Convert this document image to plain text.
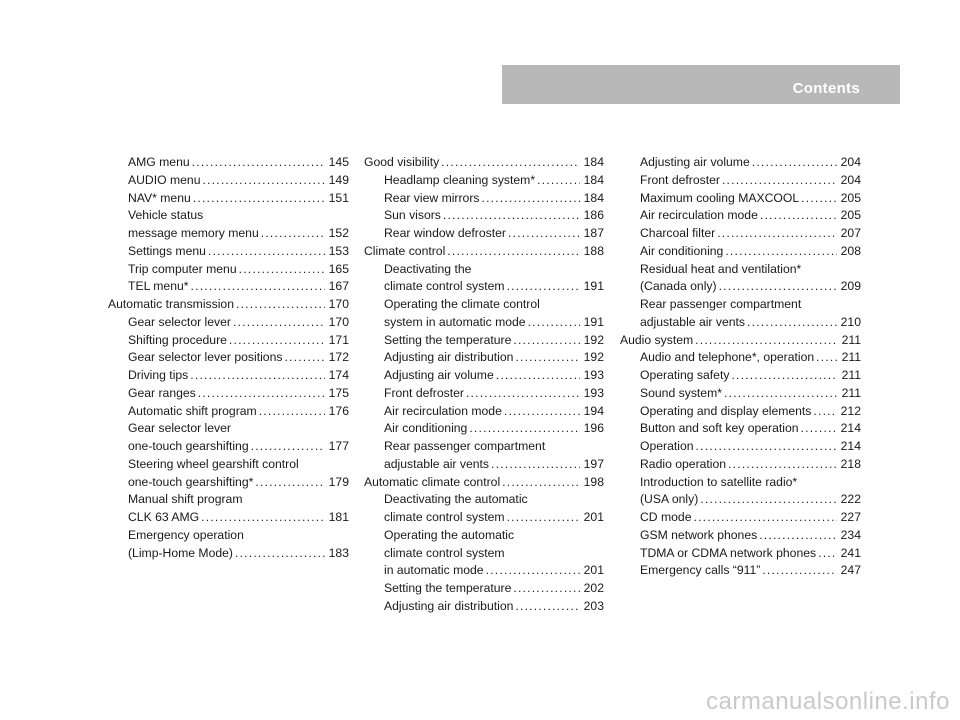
Contents
AMG menu .....	145
AUDIO menu .....	149
NAV* menu .....	151
Vehicle status
message memory menu .....	152
Settings menu .....	153
Trip computer menu .....	165
TEL menu* .....	167
Automatic transmission .....	170
Gear selector lever .....	170
Shifting procedure .....	171
Gear selector lever positions .....	172
Driving tips .....	174
Gear ranges .....	175
Automatic shift program .....	176
Gear selector lever
one-touch gearshifting .....	177
Steering wheel gearshift control
one-touch gearshifting* .....	179
Manual shift program
CLK 63 AMG .....	181
Emergency operation
(Limp-Home Mode) .....	183
Good visibility .....	184
Headlamp cleaning system* .....	184
Rear view mirrors .....	184
Sun visors .....	186
Rear window defroster .....	187
Climate control .....	188
Deactivating the
climate control system .....	191
Operating the climate control
system in automatic mode .....	191
Setting the temperature .....	192
Adjusting air distribution .....	192
Adjusting air volume .....	193
Front defroster .....	193
Air recirculation mode .....	194
Air conditioning .....	196
Rear passenger compartment
adjustable air vents .....	197
Automatic climate control .....	198
Deactivating the automatic
climate control system .....	201
Operating the automatic
climate control system
in automatic mode .....	201
Setting the temperature .....	202
Adjusting air distribution .....	203
Adjusting air volume .....	204
Front defroster .....	204
Maximum cooling MAXCOOL .....	205
Air recirculation mode .....	205
Charcoal filter .....	207
Air conditioning .....	208
Residual heat and ventilation*
(Canada only) .....	209
Rear passenger compartment
adjustable air vents .....	210
Audio system .....	211
Audio and telephone*, operation ..... 211
Operating safety .....	211
Sound system* .....	211
Operating and display elements ..... 212
Button and soft key operation .....	214
Operation .....	214
Radio operation .....	218
Introduction to satellite radio*
(USA only) .....	222
CD mode .....	227
GSM network phones .....	234
TDMA or CDMA network phones ..... 241
Emergency calls “911” .....	247
carmanualsonline.info
